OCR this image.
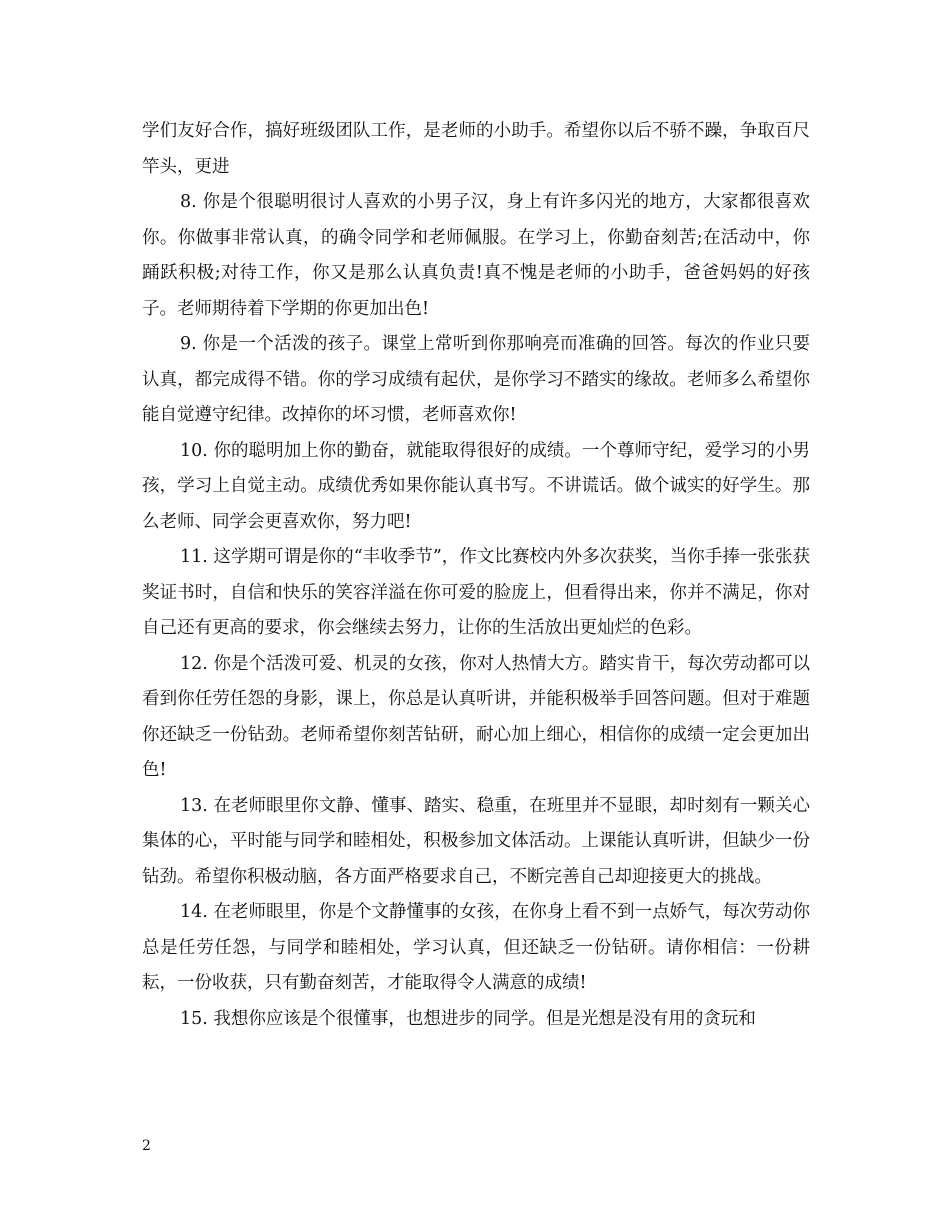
学们友好合作，搞好班级团队工作，是老师的小助手。希望你以后不骄不躁，争取百尺竿头，更进

8. 你是个很聪明很讨人喜欢的小男子汉，身上有许多闪光的地方，大家都很喜欢你。你做事非常认真，的确令同学和老师佩服。在学习上，你勤奋刻苦;在活动中，你踊跃积极;对待工作，你又是那么认真负责!真不愧是老师的小助手，爸爸妈妈的好孩子。老师期待着下学期的你更加出色!

9. 你是一个活泼的孩子。课堂上常听到你那响亮而准确的回答。每次的作业只要认真，都完成得不错。你的学习成绩有起伏，是你学习不踏实的缘故。老师多么希望你能自觉遵守纪律。改掉你的坏习惯，老师喜欢你!

10. 你的聪明加上你的勤奋，就能取得很好的成绩。一个尊师守纪，爱学习的小男孩，学习上自觉主动。成绩优秀如果你能认真书写。不讲谎话。做个诚实的好学生。那么老师、同学会更喜欢你，努力吧!

11. 这学期可谓是你的“丰收季节”，作文比赛校内外多次获奖，当你手捧一张张获奖证书时，自信和快乐的笑容洋溢在你可爱的脸庞上，但看得出来，你并不满足，你对自己还有更高的要求，你会继续去努力，让你的生活放出更灿烂的色彩。

12. 你是个活泼可爱、机灵的女孩，你对人热情大方。踏实肯干，每次劳动都可以看到你任劳任怨的身影，课上，你总是认真听讲，并能积极举手回答问题。但对于难题你还缺乏一份钻劲。老师希望你刻苦钻研，耐心加上细心，相信你的成绩一定会更加出色!

13. 在老师眼里你文静、懂事、踏实、稳重，在班里并不显眼，却时刻有一颗关心集体的心，平时能与同学和睦相处，积极参加文体活动。上课能认真听讲，但缺少一份钻劲。希望你积极动脑，各方面严格要求自己，不断完善自己却迎接更大的挑战。

14. 在老师眼里，你是个文静懂事的女孩，在你身上看不到一点娇气，每次劳动你总是任劳任怨，与同学和睦相处，学习认真，但还缺乏一份钻研。请你相信：一份耕耘，一份收获，只有勤奋刻苦，才能取得令人满意的成绩!

15. 我想你应该是个很懂事，也想进步的同学。但是光想是没有用的贪玩和

2
